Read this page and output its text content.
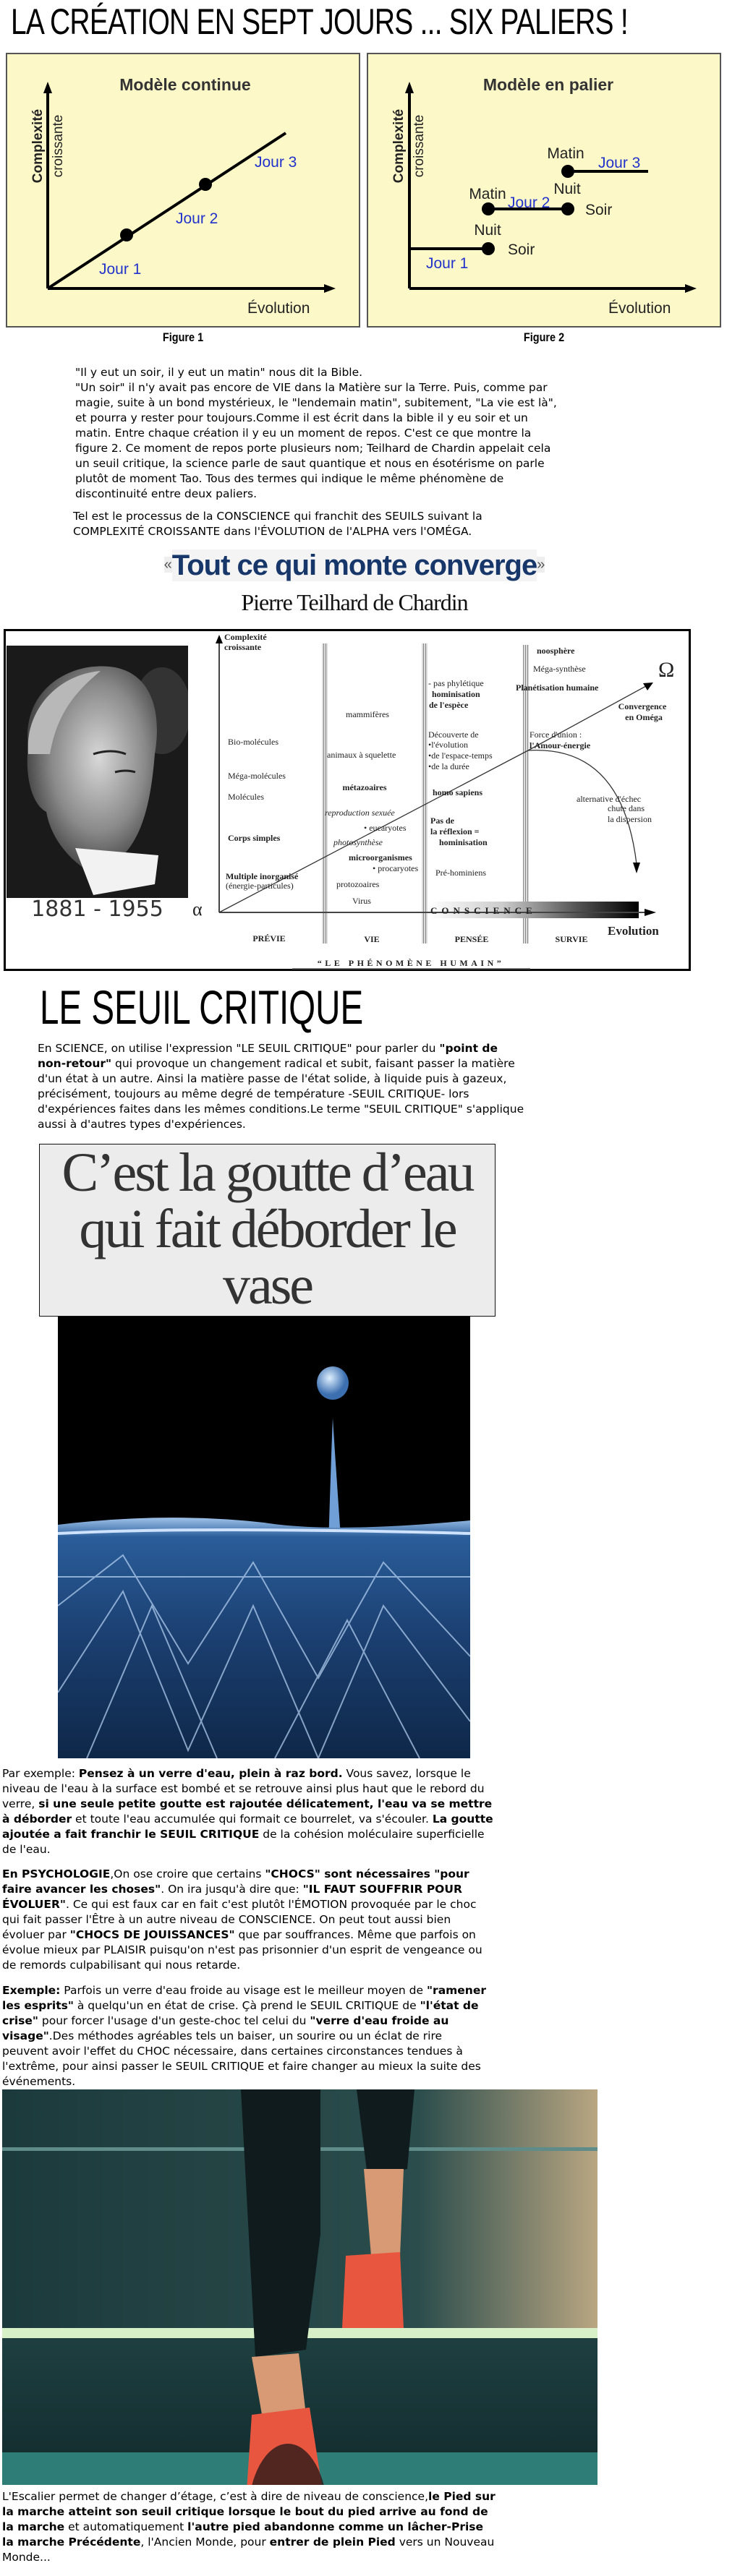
LA CRÉATION EN SEPT JOURS ... SIX PALIERS !
Modèle continue
Jour 1
Jour 2
Jour 3
Évolution
Complexité croissante
Figure 1
Modèle en palier
Jour 1
Jour 2
Jour 3
Soir
Nuit
Matin
Soir
Nuit
Matin
Évolution
Complexité croissante
Figure 2
"Il y eut un soir, il y eut un matin" nous dit la Bible.
"Un soir" il n'y avait pas encore de VIE dans la Matière sur la Terre. Puis, comme par
magie, suite à un bond mystérieux, le "lendemain matin", subitement, "La vie est là",
et pourra y rester pour toujours.Comme il est écrit dans la bible il y eu soir et un
matin. Entre chaque création il y eu un moment de repos. C'est ce que montre la
figure 2. Ce moment de repos porte plusieurs nom; Teilhard de Chardin appelait cela
un seuil critique, la science parle de saut quantique et nous en ésotérisme on parle
plutôt de moment Tao. Tous des termes qui indique le même phénomène de
discontinuité entre deux paliers.
Tel est le processus de la CONSCIENCE qui franchit des SEUILS suivant la
COMPLEXITÉ CROISSANTE dans l'ÉVOLUTION de l'ALPHA vers l'OMÉGA.
«Tout ce qui monte converge»
Pierre Teilhard de Chardin
1881 - 1955
Complexité
croissante
α
Ω
Evolution
CONSCIENCE
PRÉVIE	VIE	PENSÉE	SURVIE
Bio-molécules
Méga-molécules
Molécules
Corps simples
Multiple inorganisé
(énergie-particules)
mammifères
animaux à squelette
métazoaires
reproduction sexuée
• eucaryotes
photosynthèse
microorganismes
• procaryotes
protozoaires
Virus
- pas phylétique
hominisation
de l'espèce
Découverte de
•l'évolution
•de l'espace-temps
•de la durée
homo sapiens
Pas de
la réflexion =
hominisation
Pré-hominiens
noosphère
Méga-synthèse
Planétisation humaine
Convergence
en Oméga
Force d'union :
l'Amour-énergie
alternative d'échec
chute dans
la dispersion
“LE PHÉNOMÈNE HUMAIN”
LE SEUIL CRITIQUE
En SCIENCE, on utilise l'expression "LE SEUIL CRITIQUE" pour parler du "point de
non-retour" qui provoque un changement radical et subit, faisant passer la matière
d'un état à un autre. Ainsi la matière passe de l'état solide, à liquide puis à gazeux,
précisément, toujours au même degré de température -SEUIL CRITIQUE- lors
d'expériences faites dans les mêmes conditions.Le terme "SEUIL CRITIQUE" s'applique
aussi à d'autres types d'expériences.
C’est la goutte d’eau
qui fait déborder le
vase
Par exemple: Pensez à un verre d'eau, plein à raz bord. Vous savez, lorsque le
niveau de l'eau à la surface est bombé et se retrouve ainsi plus haut que le rebord du
verre, si une seule petite goutte est rajoutée délicatement, l'eau va se mettre
à déborder et toute l'eau accumulée qui formait ce bourrelet, va s'écouler. La goutte
ajoutée a fait franchir le SEUIL CRITIQUE de la cohésion moléculaire superficielle
de l'eau.
En PSYCHOLOGIE,On ose croire que certains "CHOCS" sont nécessaires "pour
faire avancer les choses". On ira jusqu'à dire que: "IL FAUT SOUFFRIR POUR
ÉVOLUER". Ce qui est faux car en fait c'est plutôt l'ÉMOTION provoquée par le choc
qui fait passer l'Être à un autre niveau de CONSCIENCE. On peut tout aussi bien
évoluer par "CHOCS DE JOUISSANCES" que par souffrances. Même que parfois on
évolue mieux par PLAISIR puisqu'on n'est pas prisonnier d'un esprit de vengeance ou
de remords culpabilisant qui nous retarde.
Exemple: Parfois un verre d'eau froide au visage est le meilleur moyen de "ramener
les esprits" à quelqu'un en état de crise. Çà prend le SEUIL CRITIQUE de "l'état de
crise" pour forcer l'usage d'un geste-choc tel celui du "verre d'eau froide au
visage".Des méthodes agréables tels un baiser, un sourire ou un éclat de rire
peuvent avoir l'effet du CHOC nécessaire, dans certaines circonstances tendues à
l'extrême, pour ainsi passer le SEUIL CRITIQUE et faire changer au mieux la suite des
événements.
L'Escalier permet de changer d’étage, c’est à dire de niveau de conscience,le Pied sur
la marche atteint son seuil critique lorsque le bout du pied arrive au fond de
la marche et automatiquement l'autre pied abandonne comme un lâcher-Prise
la marche Précédente, l'Ancien Monde, pour entrer de plein Pied vers un Nouveau
Monde...
